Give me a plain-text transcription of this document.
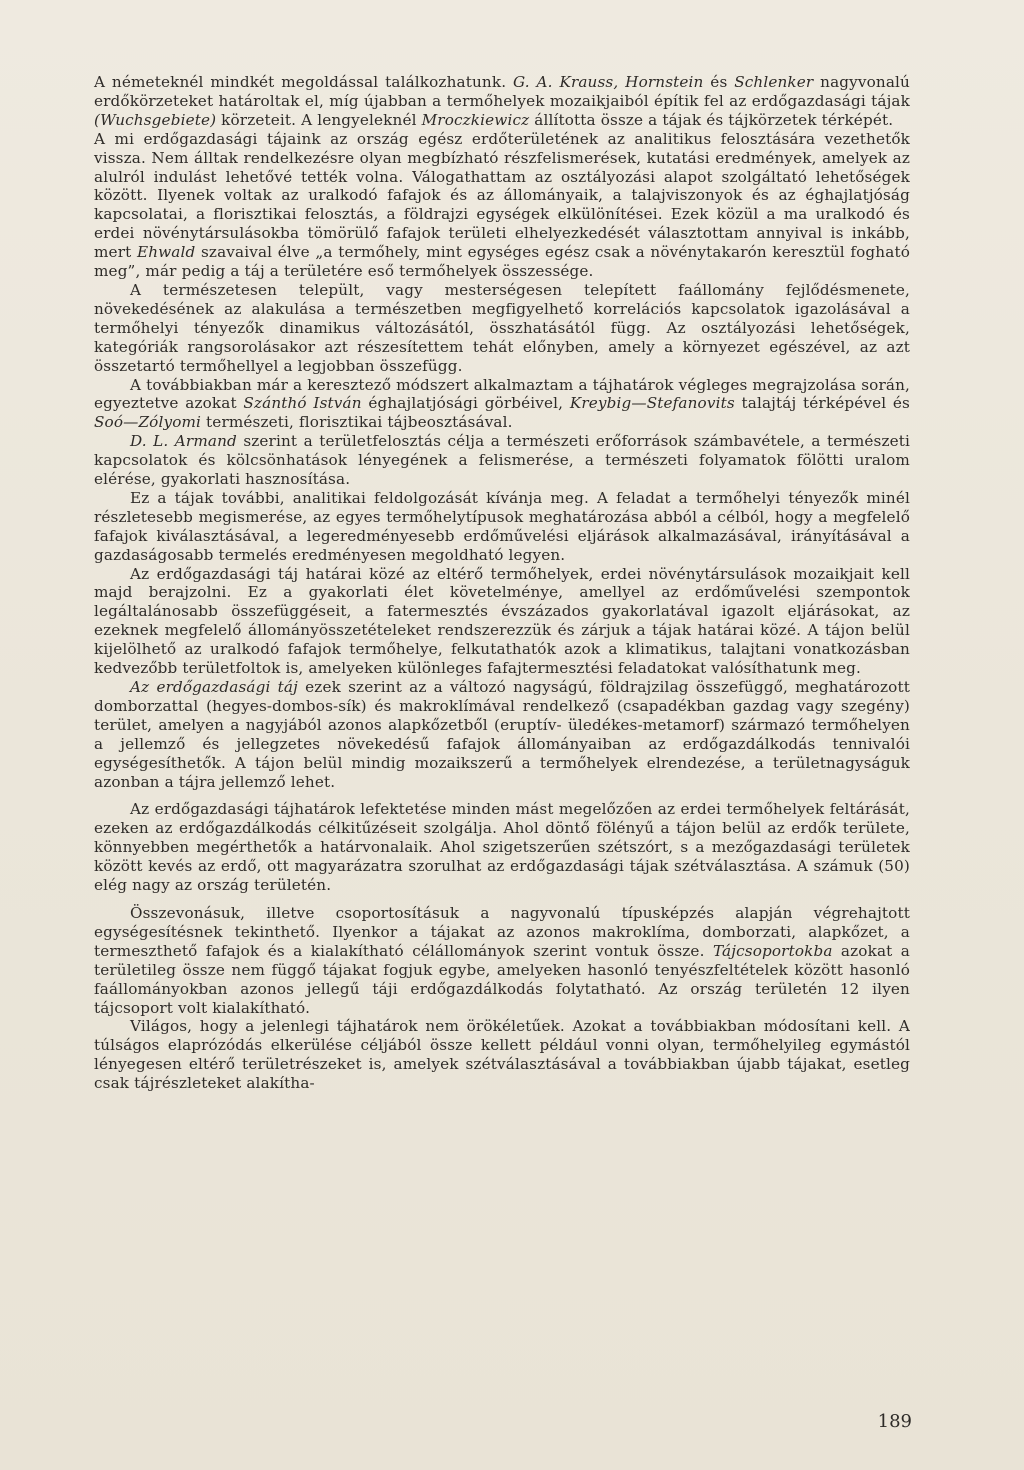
A németeknél mindkét megoldással találkozhatunk. G. A. Krauss, Hornstein és Schlenker nagyvonalú erdőkörzeteket határoltak el, míg újabban a termőhelyek mozaikjaiból építik fel az erdőgazdasági tájak (Wuchsgebiete) körzeteit. A lengyeleknél Mroczkiewicz állította össze a tájak és tájkörzetek térképét.

A mi erdőgazdasági tájaink az ország egész erdőterületének az analitikus felosztására vezethetők vissza. Nem álltak rendelkezésre olyan megbízható részfelismerések, kutatási eredmények, amelyek az alulról indulást lehetővé tették volna. Válogathattam az osztályozási alapot szolgáltató lehetőségek között. Ilyenek voltak az uralkodó fafajok és az állományaik, a talajviszonyok és az éghajlatjóság kapcsolatai, a florisztikai felosztás, a földrajzi egységek elkülönítései. Ezek közül a ma uralkodó és erdei növénytársulásokba tömörülő fafajok területi elhelyezkedését választottam annyival is inkább, mert Ehwald szavaival élve „a termőhely, mint egységes egész csak a növénytakarón keresztül fogható meg”, már pedig a táj a területére eső termőhelyek összessége.

A természetesen települt, vagy mesterségesen telepített faállomány fejlődésmenete, növekedésének az alakulása a természetben megfigyelhető korrelációs kapcsolatok igazolásával a termőhelyi tényezők dinamikus változásától, összhatásától függ. Az osztályozási lehetőségek, kategóriák rangsorolásakor azt részesítettem tehát előnyben, amely a környezet egészével, az azt összetartó termőhellyel a legjobban összefügg.

A továbbiakban már a keresztező módszert alkalmaztam a tájhatárok végleges megrajzolása során, egyeztetve azokat Szánthó István éghajlatjósági görbéivel, Kreybig—Stefanovits talajtáj térképével és Soó—Zólyomi természeti, florisztikai tájbeosztásával.

D. L. Armand szerint a területfelosztás célja a természeti erőforrások számbavétele, a természeti kapcsolatok és kölcsönhatások lényegének a felismerése, a természeti folyamatok fölötti uralom elérése, gyakorlati hasznosítása.

Ez a tájak további, analitikai feldolgozását kívánja meg. A feladat a termőhelyi tényezők minél részletesebb megismerése, az egyes termőhelytípusok meghatározása abból a célból, hogy a megfelelő fafajok kiválasztásával, a legeredményesebb erdőművelési eljárások alkalmazásával, irányításával a gazdaságosabb termelés eredményesen megoldható legyen.

Az erdőgazdasági táj határai közé az eltérő termőhelyek, erdei növénytársulások mozaikjait kell majd berajzolni. Ez a gyakorlati élet követelménye, amellyel az erdőművelési szempontok legáltalánosabb összefüggéseit, a fatermesztés évszázados gyakorlatával igazolt eljárásokat, az ezeknek megfelelő állományösszetételeket rendszerezzük és zárjuk a tájak határai közé. A tájon belül kijelölhető az uralkodó fafajok termőhelye, felkutathatók azok a klimatikus, talajtani vonatkozásban kedvezőbb területfoltok is, amelyeken különleges fafajtermesztési feladatokat valósíthatunk meg.

Az erdőgazdasági táj ezek szerint az a változó nagyságú, földrajzilag összefüggő, meghatározott domborzattal (hegyes-dombos-sík) és makroklímával rendelkező (csapadékban gazdag vagy szegény) terület, amelyen a nagyjából azonos alapkőzetből (eruptív- üledékes-metamorf) származó termőhelyen a jellemző és jellegzetes növekedésű fafajok állományaiban az erdőgazdálkodás tennivalói egységesíthetők. A tájon belül mindig mozaikszerű a termőhelyek elrendezése, a területnagyságuk azonban a tájra jellemző lehet.

Az erdőgazdasági tájhatárok lefektetése minden mást megelőzően az erdei termőhelyek feltárását, ezeken az erdőgazdálkodás célkitűzéseit szolgálja. Ahol döntő fölényű a tájon belül az erdők területe, könnyebben megérthetők a határvonalaik. Ahol szigetszerűen szétszórt, s a mezőgazdasági területek között kevés az erdő, ott magyarázatra szorulhat az erdőgazdasági tájak szétválasztása. A számuk (50) elég nagy az ország területén.

Összevonásuk, illetve csoportosításuk a nagyvonalú típusképzés alapján végrehajtott egységesítésnek tekinthető. Ilyenkor a tájakat az azonos makroklíma, domborzati, alapkőzet, a termeszthető fafajok és a kialakítható célállományok szerint vontuk össze. Tájcsoportokba azokat a területileg össze nem függő tájakat fogjuk egybe, amelyeken hasonló tenyészfeltételek között hasonló faállományokban azonos jellegű táji erdőgazdálkodás folytatható. Az ország területén 12 ilyen tájcsoport volt kialakítható.

Világos, hogy a jelenlegi tájhatárok nem örökéletűek. Azokat a továbbiakban módosítani kell. A túlságos elaprózódás elkerülése céljából össze kellett például vonni olyan, termőhelyileg egymástól lényegesen eltérő területrészeket is, amelyek szétválasztásával a továbbiakban újabb tájakat, esetleg csak tájrészleteket alakítha-

189
